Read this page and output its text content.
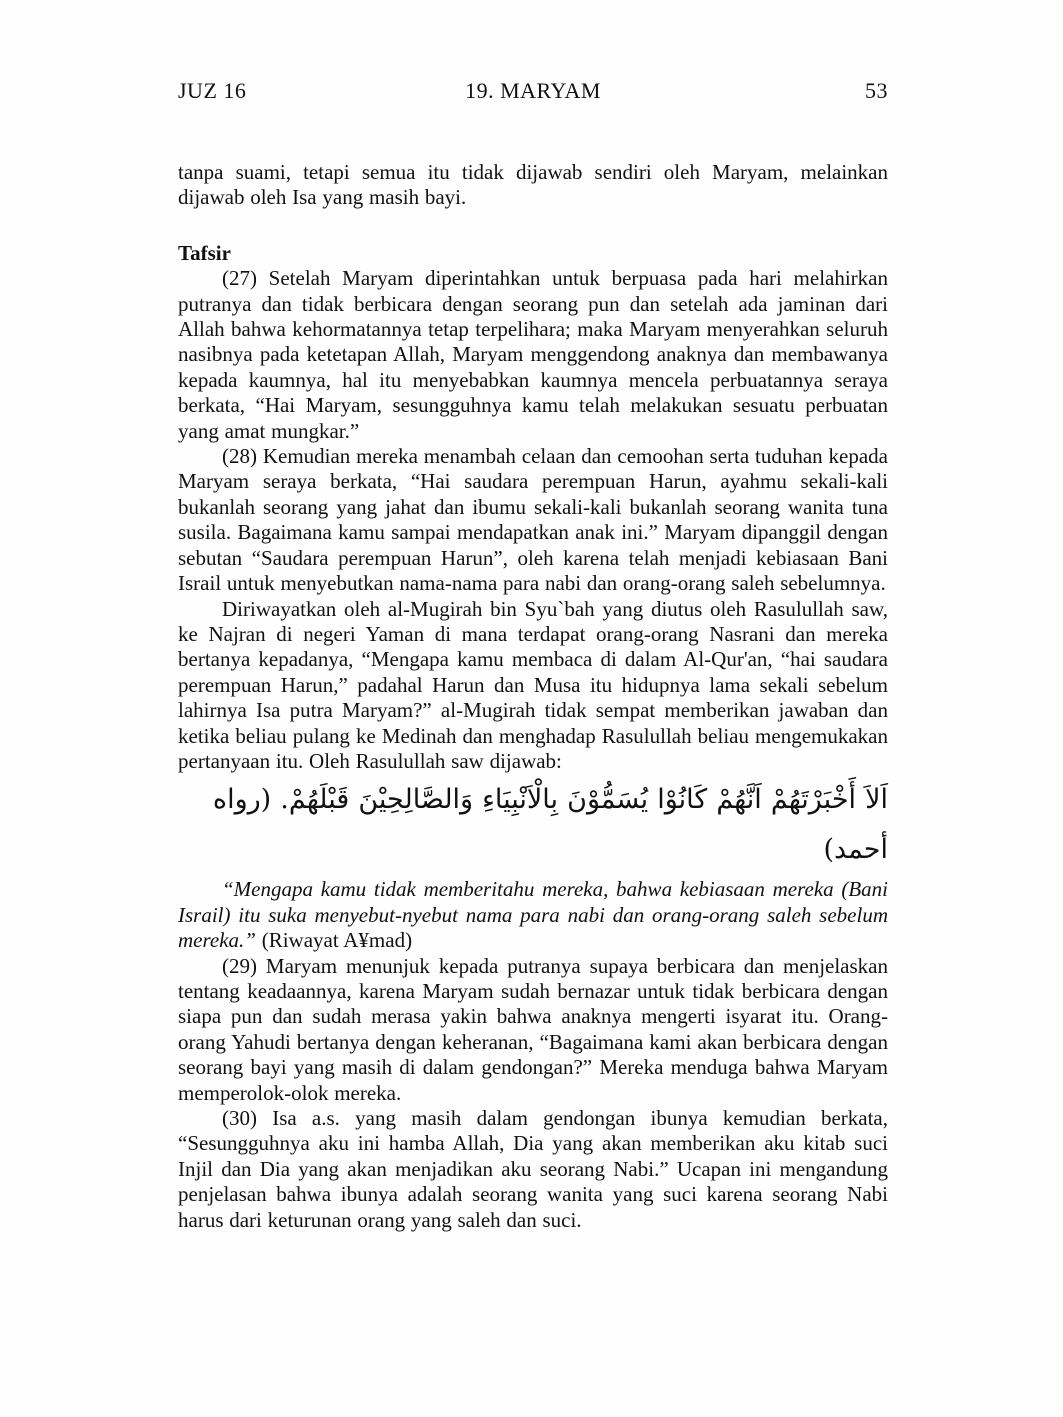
JUZ 16	19. MARYAM	53

tanpa suami, tetapi semua itu tidak dijawab sendiri oleh Maryam, melainkan dijawab oleh Isa yang masih bayi.

Tafsir

(27) Setelah Maryam diperintahkan untuk berpuasa pada hari melahirkan putranya dan tidak berbicara dengan seorang pun dan setelah ada jaminan dari Allah bahwa kehormatannya tetap terpelihara; maka Maryam menyerahkan seluruh nasibnya pada ketetapan Allah, Maryam menggendong anaknya dan membawanya kepada kaumnya, hal itu menyebabkan kaumnya mencela perbuatannya seraya berkata, “Hai Maryam, sesungguhnya kamu telah melakukan sesuatu perbuatan yang amat mungkar.”

(28) Kemudian mereka menambah celaan dan cemoohan serta tuduhan kepada Maryam seraya berkata, “Hai saudara perempuan Harun, ayahmu sekali-kali bukanlah seorang yang jahat dan ibumu sekali-kali bukanlah seorang wanita tuna susila. Bagaimana kamu sampai mendapatkan anak ini.” Maryam dipanggil dengan sebutan “Saudara perempuan Harun”, oleh karena telah menjadi kebiasaan Bani Israil untuk menyebutkan nama-nama para nabi dan orang-orang saleh sebelumnya.

Diriwayatkan oleh al-Mugirah bin Syu`bah yang diutus oleh Rasulullah saw, ke Najran di negeri Yaman di mana terdapat orang-orang Nasrani dan mereka bertanya kepadanya, “Mengapa kamu membaca di dalam Al-Qur'an, “hai saudara perempuan Harun,” padahal Harun dan Musa itu hidupnya lama sekali sebelum lahirnya Isa putra Maryam?” al-Mugirah tidak sempat memberikan jawaban dan ketika beliau pulang ke Medinah dan menghadap Rasulullah beliau mengemukakan pertanyaan itu. Oleh Rasulullah saw dijawab:

اَلاَ أَخْبَرْتَهُمْ اَنَّهُمْ كَانُوْا يُسَمُّوْنَ بِالْاَنْبِيَاءِ وَالصَّالِحِيْنَ قَبْلَهُمْ. (رواه أحمد)

“Mengapa kamu tidak memberitahu mereka, bahwa kebiasaan mereka (Bani Israil) itu suka menyebut-nyebut nama para nabi dan orang-orang saleh sebelum mereka.” (Riwayat A¥mad)

(29) Maryam menunjuk kepada putranya supaya berbicara dan menjelaskan tentang keadaannya, karena Maryam sudah bernazar untuk tidak berbicara dengan siapa pun dan sudah merasa yakin bahwa anaknya mengerti isyarat itu. Orang-orang Yahudi bertanya dengan keheranan, “Bagaimana kami akan berbicara dengan seorang bayi yang masih di dalam gendongan?” Mereka menduga bahwa Maryam memperolok-olok mereka.

(30) Isa a.s. yang masih dalam gendongan ibunya kemudian berkata, “Sesungguhnya aku ini hamba Allah, Dia yang akan memberikan aku kitab suci Injil dan Dia yang akan menjadikan aku seorang Nabi.” Ucapan ini mengandung penjelasan bahwa ibunya adalah seorang wanita yang suci karena seorang Nabi harus dari keturunan orang yang saleh dan suci.
